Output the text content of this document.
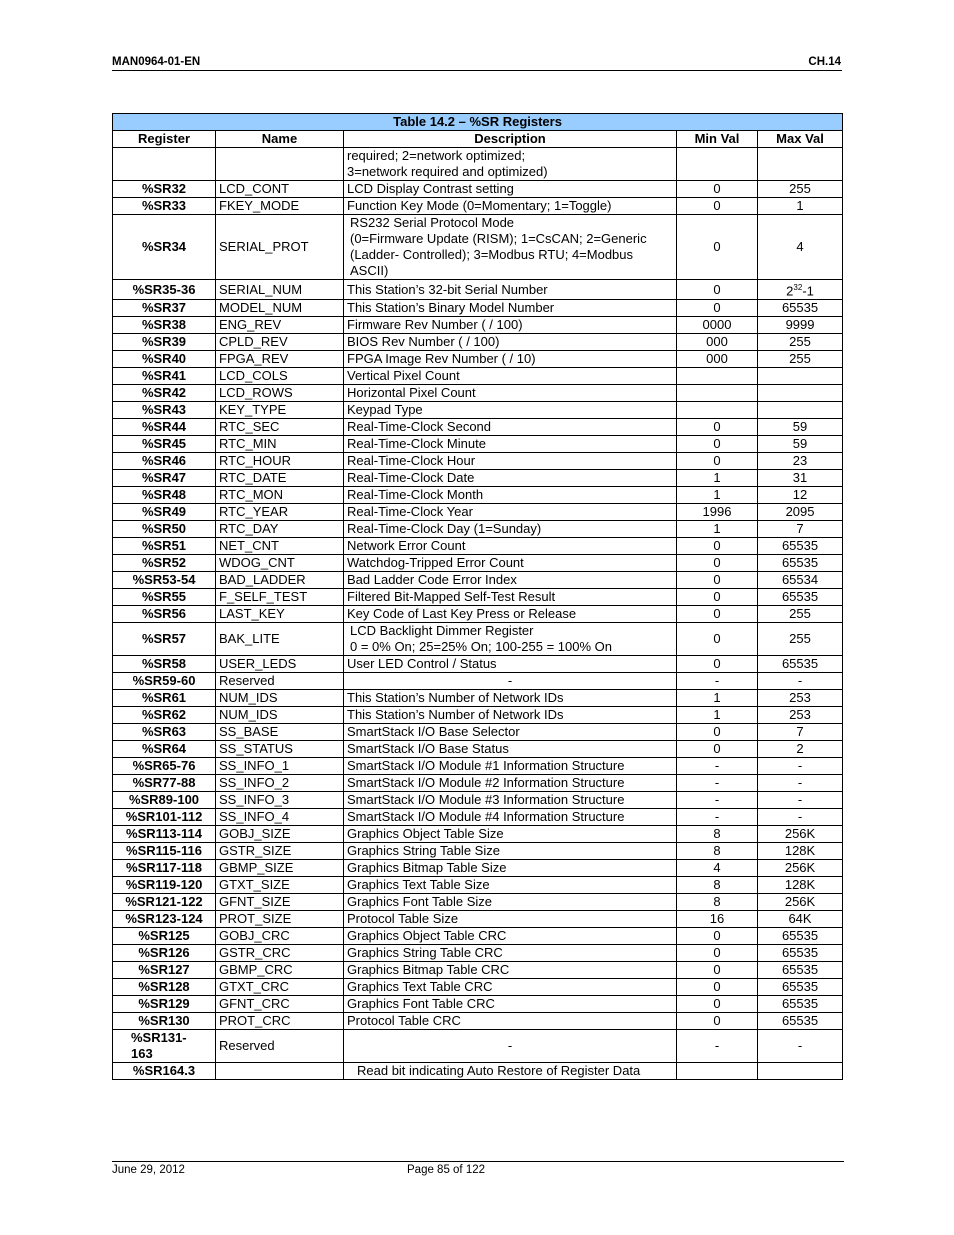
MAN0964-01-EN	CH.14
Table 14.2 – %SR Registers				
Register	Name	Description	Min Val	Max Val

		required; 2=network optimized;
3=network required and optimized)		

%SR32	LCD_CONT	LCD Display Contrast setting	0	255
%SR33	FKEY_MODE	Function Key Mode (0=Momentary; 1=Toggle)	0	1
%SR34	SERIAL_PROT	RS232 Serial Protocol Mode
(0=Firmware Update (RISM); 1=CsCAN; 2=Generic
(Ladder- Controlled); 3=Modbus RTU; 4=Modbus
ASCII)	0	4
%SR35-36	SERIAL_NUM	This Station’s 32-bit Serial Number	0	$2^{32}-1$
%SR37	MODEL_NUM	This Station’s Binary Model Number	0	65535
%SR38	ENG_REV	Firmware Rev Number ( / 100)	0000	9999
%SR39	CPLD_REV	BIOS Rev Number ( / 100)	000	255
%SR40	FPGA_REV	FPGA Image Rev Number ( / 10)	000	255
%SR41	LCD_COLS	Vertical Pixel Count		
%SR42	LCD_ROWS	Horizontal Pixel Count		
%SR43	KEY_TYPE	Keypad Type		
%SR44	RTC_SEC	Real-Time-Clock Second	0	59
%SR45	RTC_MIN	Real-Time-Clock Minute	0	59
%SR46	RTC_HOUR	Real-Time-Clock Hour	0	23
%SR47	RTC_DATE	Real-Time-Clock Date	1	31
%SR48	RTC_MON	Real-Time-Clock Month	1	12
%SR49	RTC_YEAR	Real-Time-Clock Year	1996	2095
%SR50	RTC_DAY	Real-Time-Clock Day (1=Sunday)	1	7
%SR51	NET_CNT	Network Error Count	0	65535
%SR52	WDOG_CNT	Watchdog-Tripped Error Count	0	65535
%SR53-54	BAD_LADDER	Bad Ladder Code Error Index	0	65534
%SR55	F_SELF_TEST	Filtered Bit-Mapped Self-Test Result	0	65535
%SR56	LAST_KEY	Key Code of Last Key Press or Release	0	255
%SR57	BAK_LITE	LCD Backlight Dimmer Register
0 = 0% On; 25=25% On; 100-255 = 100% On	0	255
%SR58	USER_LEDS	User LED Control / Status	0	65535
%SR59-60	Reserved	-	-	-
%SR61	NUM_IDS	This Station’s Number of Network IDs	1	253
%SR62	NUM_IDS	This Station’s Number of Network IDs	1	253
%SR63	SS_BASE	SmartStack I/O Base Selector	0	7
%SR64	SS_STATUS	SmartStack I/O Base Status	0	2
%SR65-76	SS_INFO_1	SmartStack I/O Module #1 Information Structure	-	-
%SR77-88	SS_INFO_2	SmartStack I/O Module #2 Information Structure	-	-
%SR89-100	SS_INFO_3	SmartStack I/O Module #3 Information Structure	-	-
%SR101-112	SS_INFO_4	SmartStack I/O Module #4 Information Structure	-	-
%SR113-114	GOBJ_SIZE	Graphics Object Table Size	8	256K
%SR115-116	GSTR_SIZE	Graphics String Table Size	8	128K
%SR117-118	GBMP_SIZE	Graphics Bitmap Table Size	4	256K
%SR119-120	GTXT_SIZE	Graphics Text Table Size	8	128K
%SR121-122	GFNT_SIZE	Graphics Font Table Size	8	256K
%SR123-124	PROT_SIZE	Protocol Table Size	16	64K
%SR125	GOBJ_CRC	Graphics Object Table CRC	0	65535
%SR126	GSTR_CRC	Graphics String Table CRC	0	65535
%SR127	GBMP_CRC	Graphics Bitmap Table CRC	0	65535
%SR128	GTXT_CRC	Graphics Text Table CRC	0	65535
%SR129	GFNT_CRC	Graphics Font Table CRC	0	65535
%SR130	PROT_CRC	Protocol Table CRC	0	65535

%SR131-
163	Reserved	-	-	-
%SR164.3		Read bit indicating Auto Restore of Register Data		
June 29, 2012	Page 85 of 122
